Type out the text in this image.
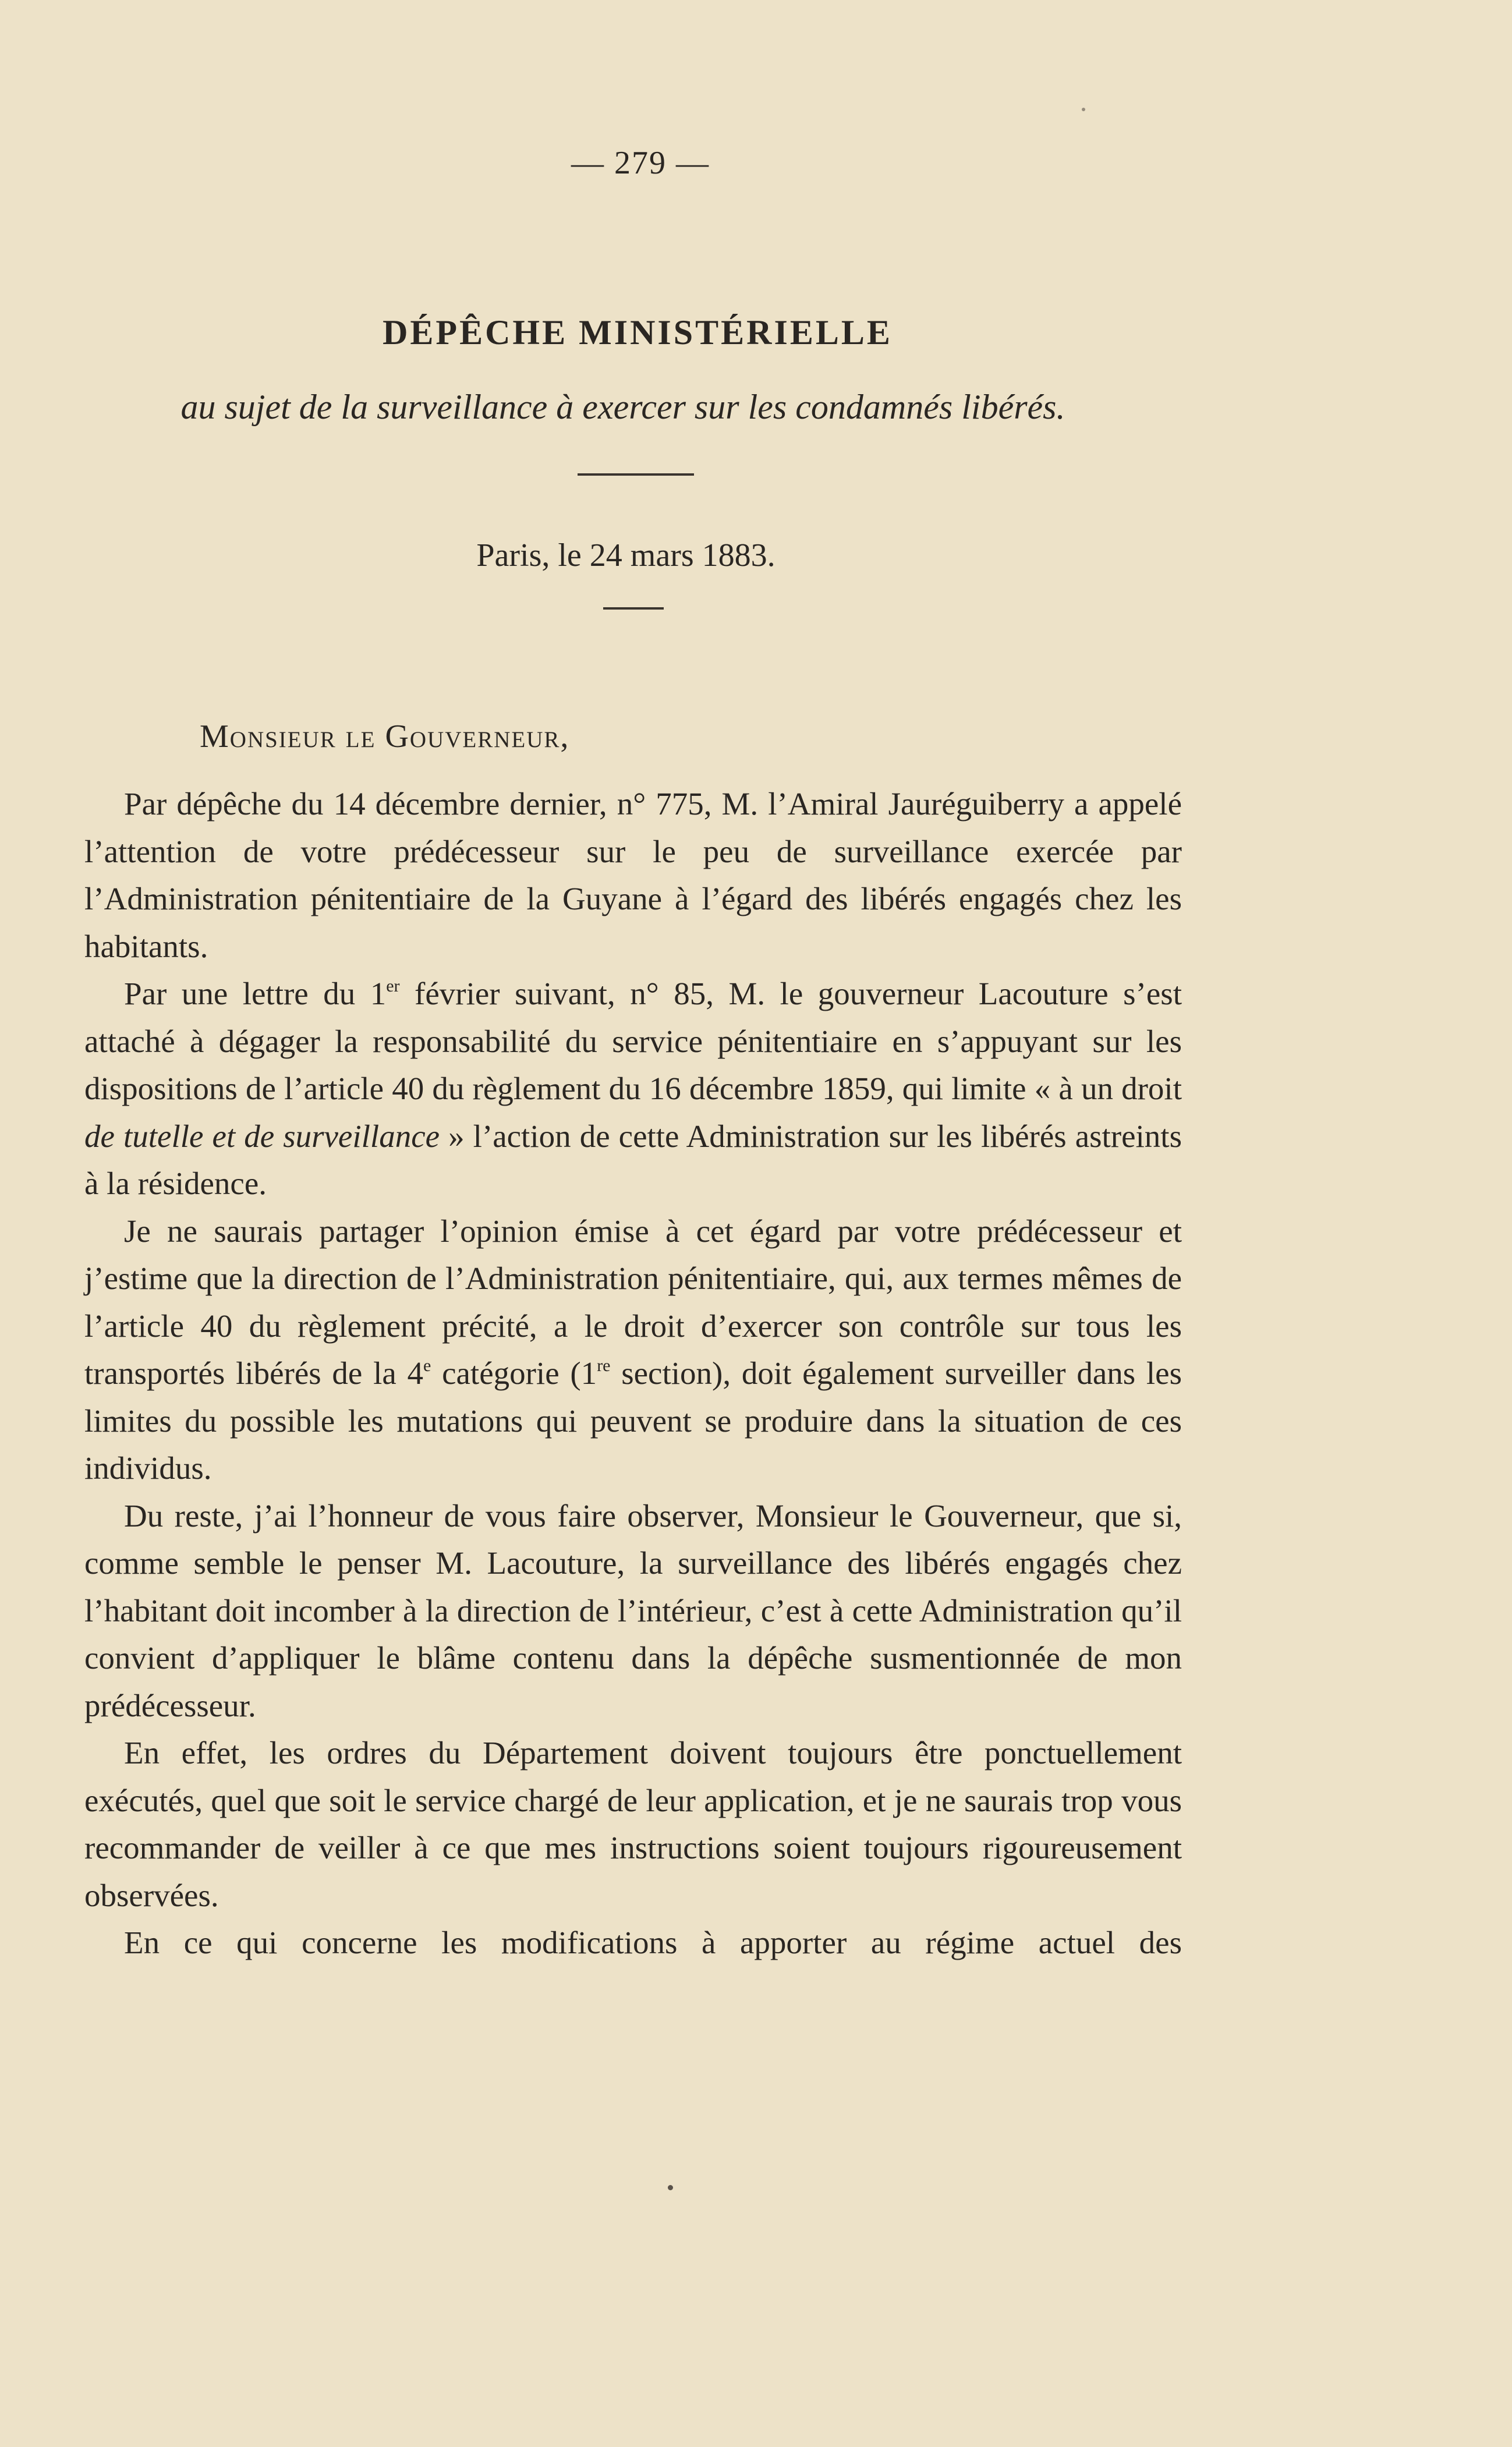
— 279 —
DÉPÊCHE MINISTÉRIELLE
au sujet de la surveillance à exercer sur les condamnés libérés.
Paris, le 24 mars 1883.
Monsieur le Gouverneur,

Par dépêche du 14 décembre dernier, n° 775, M. l’Amiral Jauréguiberry a appelé l’attention de votre prédécesseur sur le peu de surveillance exercée par l’Administration pénitentiaire de la Guyane à l’égard des libérés engagés chez les habitants.

Par une lettre du 1er février suivant, n° 85, M. le gouverneur Lacouture s’est attaché à dégager la responsabilité du service pénitentiaire en s’appuyant sur les dispositions de l’article 40 du règlement du 16 décembre 1859, qui limite « à un droit de tutelle et de surveillance » l’action de cette Administration sur les libérés astreints à la résidence.

Je ne saurais partager l’opinion émise à cet égard par votre prédécesseur et j’estime que la direction de l’Administration pénitentiaire, qui, aux termes mêmes de l’article 40 du règlement précité, a le droit d’exercer son contrôle sur tous les transportés libérés de la 4e catégorie (1re section), doit également surveiller dans les limites du possible les mutations qui peuvent se produire dans la situation de ces individus.

Du reste, j’ai l’honneur de vous faire observer, Monsieur le Gouverneur, que si, comme semble le penser M. Lacouture, la surveillance des libérés engagés chez l’habitant doit incomber à la direction de l’intérieur, c’est à cette Administration qu’il convient d’appliquer le blâme contenu dans la dépêche susmentionnée de mon prédécesseur.

En effet, les ordres du Département doivent toujours être ponctuellement exécutés, quel que soit le service chargé de leur application, et je ne saurais trop vous recommander de veiller à ce que mes instructions soient toujours rigoureusement observées.

En ce qui concerne les modifications à apporter au régime actuel des
